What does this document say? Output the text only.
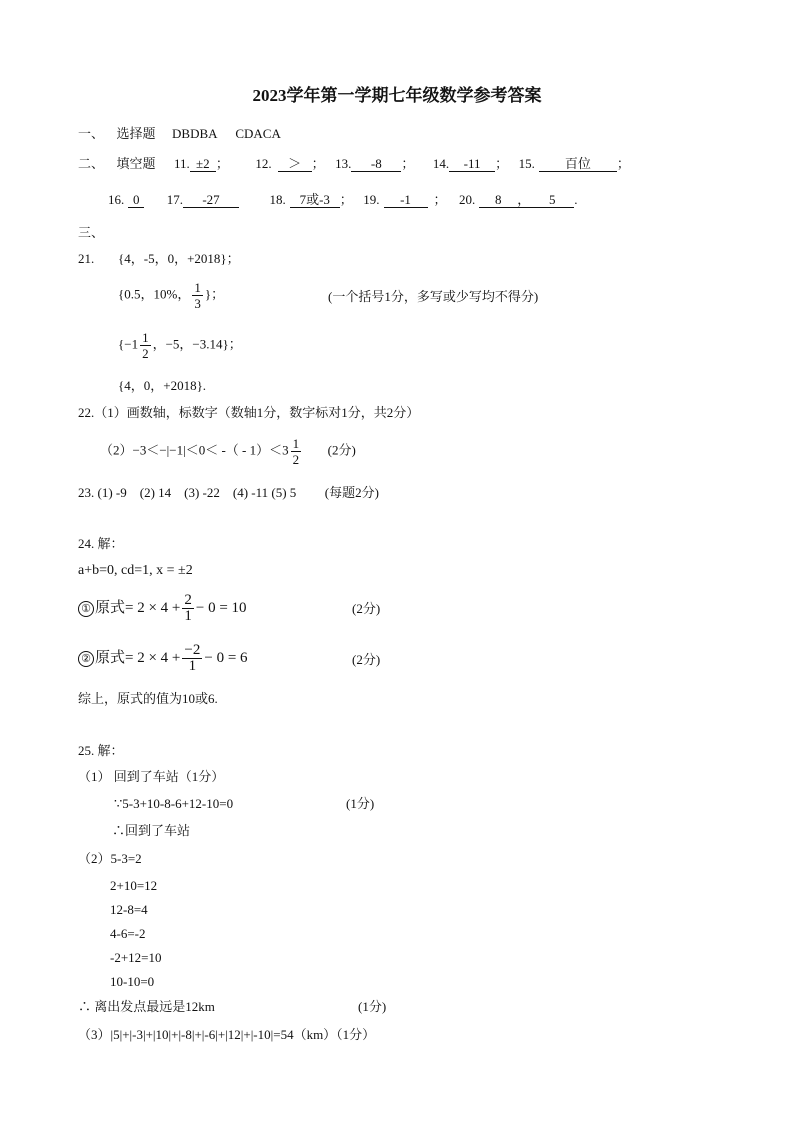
2023学年第一学期七年级数学参考答案
一、 选择题 DBDBA CDACA
二、 填空题 11. ±2 ； 12. ＞ ； 13. -8 ； 14. -11 ； 15. 百位 ；
16. 0 17. -27	18. 7或-3 ； 19. -1 ； 20. 8 ， 5 .
三、
21. {4，-5，0，+2018}；
{0.5，10%， $\frac{1}{3}$ }；	(一个括号1分，多写或少写均不得分)
{$-1 \frac{1}{2}$ ，−5，−3.14}；
{4，0，+2018}.
22.（1）画数轴，标数字（数轴1分，数字标对1分，共2分）
（2）−3＜−|−1|＜0＜ -（ - $1)<3 \frac{1}{2} (2$分)
23. (1) -9    (2) 14    (3) -22    (4) -11 (5) 5 (每题2分)
24. 解：
a+b=0, cd=1, x = ±2
① 原式= $2 \times 4 + \frac{2}{1} - 0 = 10$	(2分)
② 原式= $2 \times 4 + \frac{-2}{1} - 0 = 6$	(2分)
综上，原式的值为10或6.
25. 解：
（1） 回到了车站（1分）
∵5-3+10-8-6+12-10=0	(1分)
∴回到了车站
（2）5-3=2
2+10=12
12-8=4
4-6=-2
-2+12=10
10-10=0
∴ 离出发点最远是12km	(1分)
（3）|5|+|-3|+|10|+|-8|+|-6|+|12|+|-10|=54（km）（1分）
